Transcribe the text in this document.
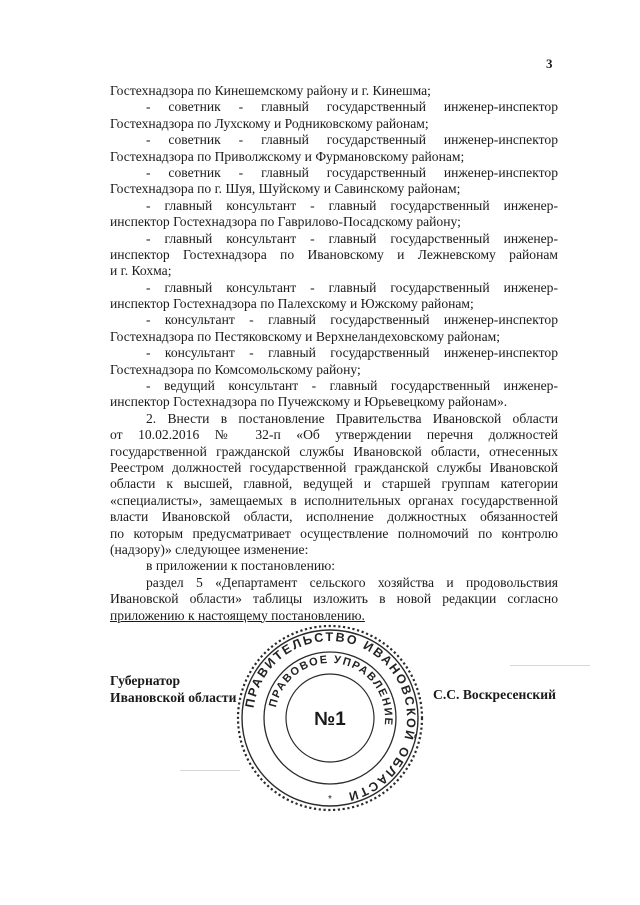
3
Гостехнадзора по Кинешемскому району и г. Кинешма;
- советник - главный государственный инженер-инспектор
Гостехнадзора по Лухскому и Родниковскому районам;
- советник - главный государственный инженер-инспектор
Гостехнадзора по Приволжскому и Фурмановскому районам;
- советник - главный государственный инженер-инспектор
Гостехнадзора по г. Шуя, Шуйскому и Савинскому районам;
- главный консультант - главный государственный инженер-
инспектор Гостехнадзора по Гаврилово-Посадскому району;
- главный консультант - главный государственный инженер-
инспектор Гостехнадзора по Ивановскому и Лежневскому районам
и г. Кохма;
- главный консультант - главный государственный инженер-
инспектор Гостехнадзора по Палехскому и Южскому районам;
- консультант - главный государственный инженер-инспектор
Гостехнадзора по Пестяковскому и Верхнеландеховскому районам;
- консультант - главный государственный инженер-инспектор
Гостехнадзора по Комсомольскому району;
- ведущий консультант - главный государственный инженер-
инспектор Гостехнадзора по Пучежскому и Юрьевецкому районам».
2. Внести в постановление Правительства Ивановской области
от 10.02.2016 № 32-п «Об утверждении перечня должностей
государственной гражданской службы Ивановской области, отнесенных
Реестром должностей государственной гражданской службы Ивановской
области к высшей, главной, ведущей и старшей группам категории
«специалисты», замещаемых в исполнительных органах государственной
власти Ивановской области, исполнение должностных обязанностей
по которым предусматривает осуществление полномочий по контролю
(надзору)» следующее изменение:
в приложении к постановлению:
раздел 5 «Департамент сельского хозяйства и продовольствия
Ивановской области» таблицы изложить в новой редакции согласно
приложению к настоящему постановлению.
Губернатор
Ивановской области	С.С. Воскресенский
ПРАВИТЕЛЬСТВО ИВАНОВСКОЙ ОБЛАСТИ
ПРАВОВОЕ УПРАВЛЕНИЕ
№1
*
